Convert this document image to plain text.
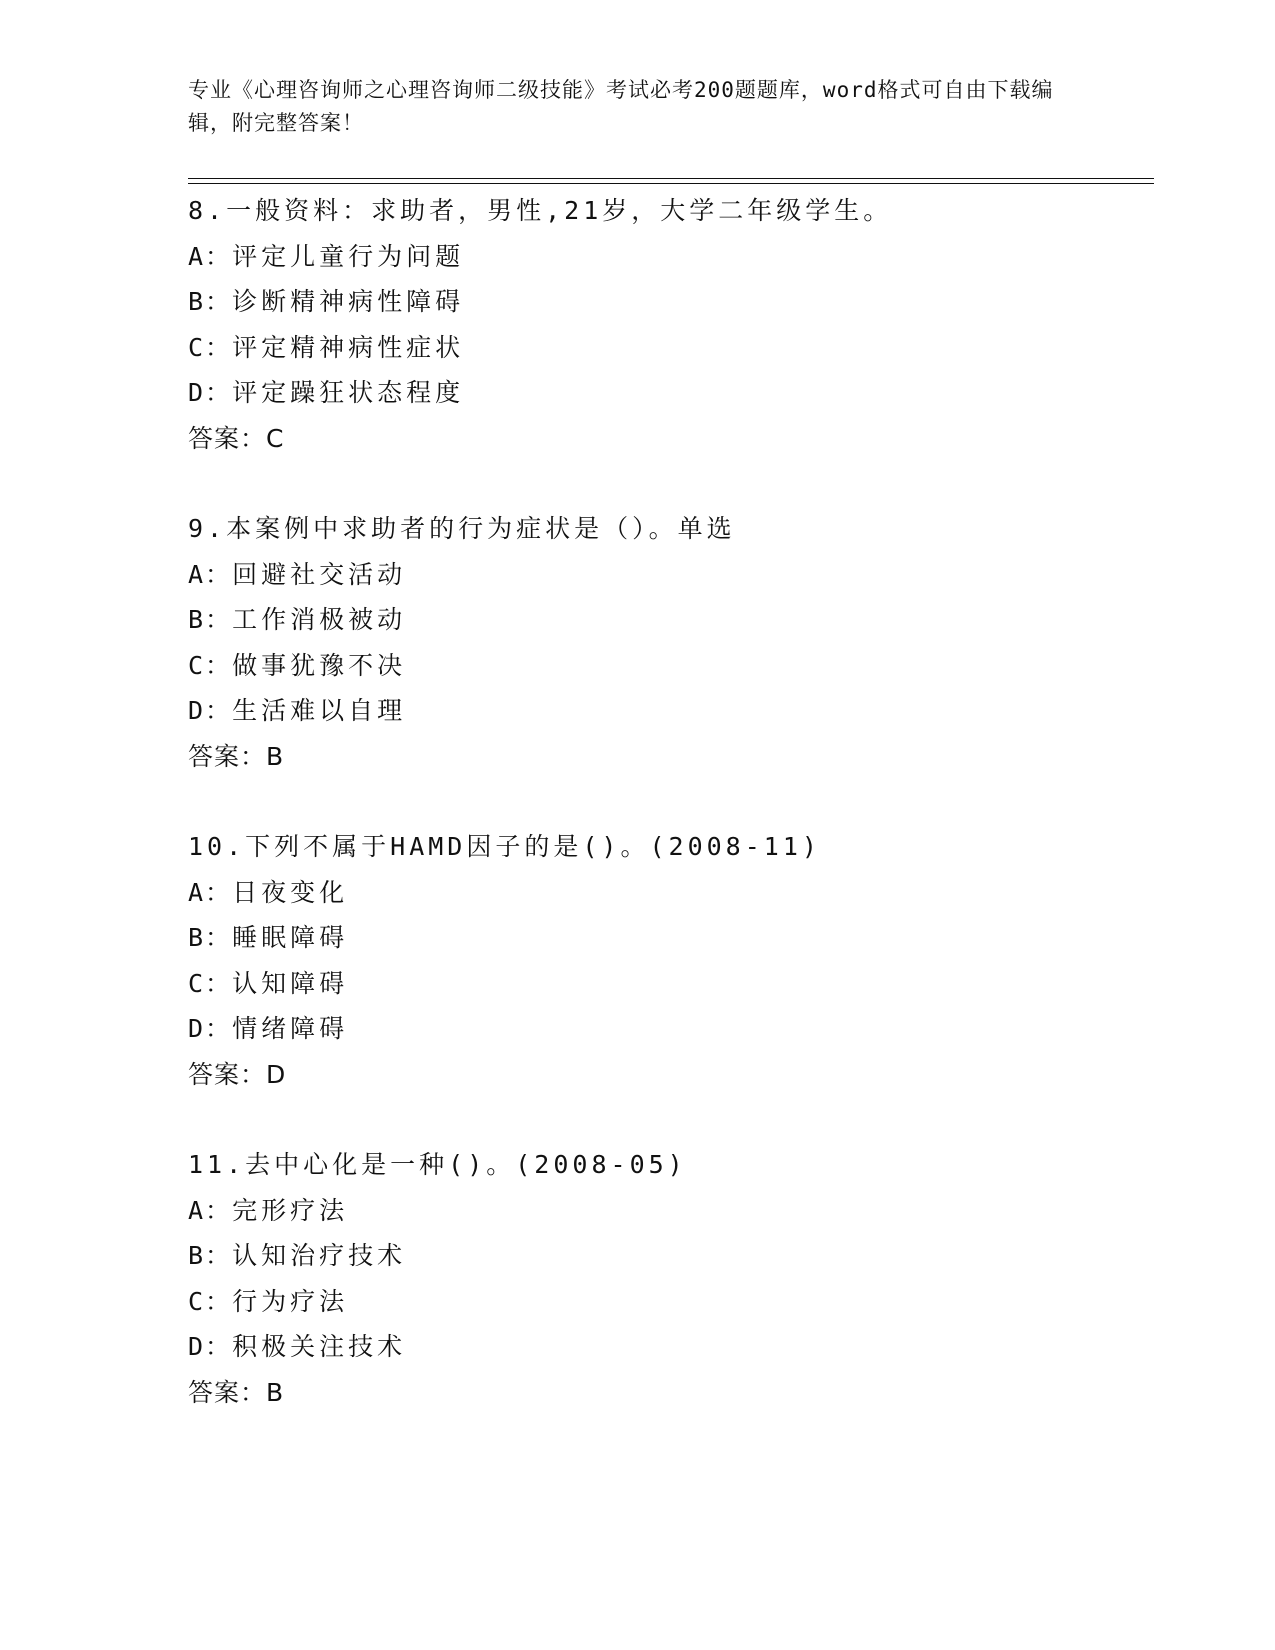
专业《心理咨询师之心理咨询师二级技能》考试必考200题题库，word格式可自由下载编辑，附完整答案！
8.一般资料：求助者，男性,21岁，大学二年级学生。
A：评定儿童行为问题
B：诊断精神病性障碍
C：评定精神病性症状
D：评定躁狂状态程度
答案：C
9.本案例中求助者的行为症状是（）。单选
A：回避社交活动
B：工作消极被动
C：做事犹豫不决
D：生活难以自理
答案：B
10.下列不属于HAMD因子的是()。(2008-11)
A：日夜变化
B：睡眠障碍
C：认知障碍
D：情绪障碍
答案：D
11.去中心化是一种()。(2008-05)
A：完形疗法
B：认知治疗技术
C：行为疗法
D：积极关注技术
答案：B
